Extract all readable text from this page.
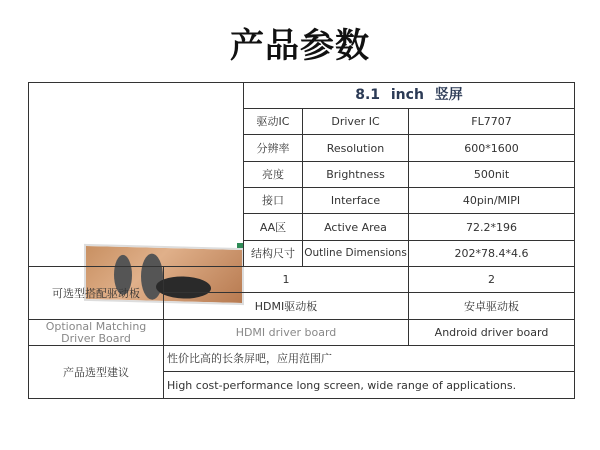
产品参数
8.1 inch 竖屏
驱动IC	Driver IC	FL7707
分辨率	Resolution	600*1600
亮度	Brightness	500nit
接口	Interface	40pin/MIPI
AA区	Active Area	72.2*196
结构尺寸 Outline Dimensions	202*78.4*4.6
可选型搭配驱动板
1	2
HDMI驱动板	安卓驱动板
Optional Matching Driver Board	HDMI driver board	Android driver board
产品选型建议
性价比高的长条屏吧，应用范围广
High cost-performance long screen, wide range of applications.
